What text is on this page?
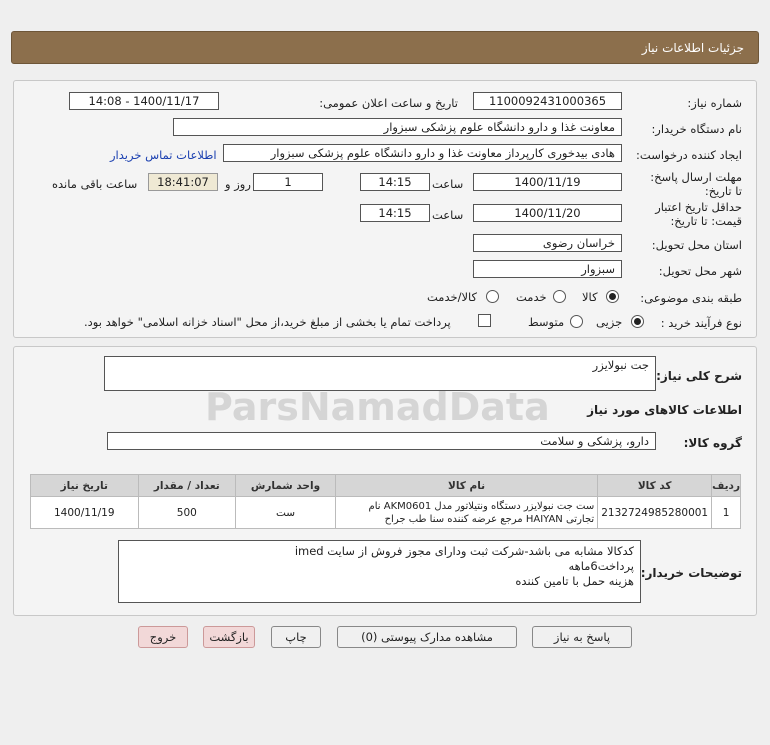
جزئیات اطلاعات نیاز
شماره نیاز:
1100092431000365
تاریخ و ساعت اعلان عمومی:
1400/11/17 - 14:08
نام دستگاه خریدار:
معاونت غذا و دارو دانشگاه علوم پزشکی سبزوار
ایجاد کننده درخواست:
هادی بیدخوری کارپرداز معاونت غذا و دارو دانشگاه علوم پزشکی سبزوار
اطلاعات تماس خریدار
مهلت ارسال پاسخ: تا تاریخ:
1400/11/19
ساعت
14:15
1
روز و
18:41:07
ساعت باقی مانده
حداقل تاریخ اعتبار قیمت: تا تاریخ:
1400/11/20
ساعت
14:15
استان محل تحویل:
خراسان رضوی
شهر محل تحویل:
سبزوار
طبقه بندی موضوعی:
کالا
خدمت
کالا/خدمت
نوع فرآیند خرید :
جزیی
متوسط
پرداخت تمام یا بخشی از مبلغ خرید،از محل "اسناد خزانه اسلامی" خواهد بود.
شرح کلی نیاز:
جت نبولایزر
اطلاعات کالاهای مورد نیاز
گروه کالا:
دارو، پزشکی و سلامت
ردیف	کد کالا	نام کالا	واحد شمارش	تعداد / مقدار	تاریخ نیاز
1	2132724985280001	ست جت نبولایزر دستگاه ونتیلاتور مدل AKM0601 نام تجارتی HAIYAN مرجع عرضه کننده سنا طب جراح	ست	500	1400/11/19
توضیحات خریدار:
کدکالا مشابه می باشد-شرکت ثبت ودارای مجوز فروش از سایت imed
پرداخت6ماهه
هزینه حمل با تامین کننده
ParsNamadData
پاسخ به نیاز
مشاهده مدارک پیوستی (0)
چاپ
بازگشت
خروج
